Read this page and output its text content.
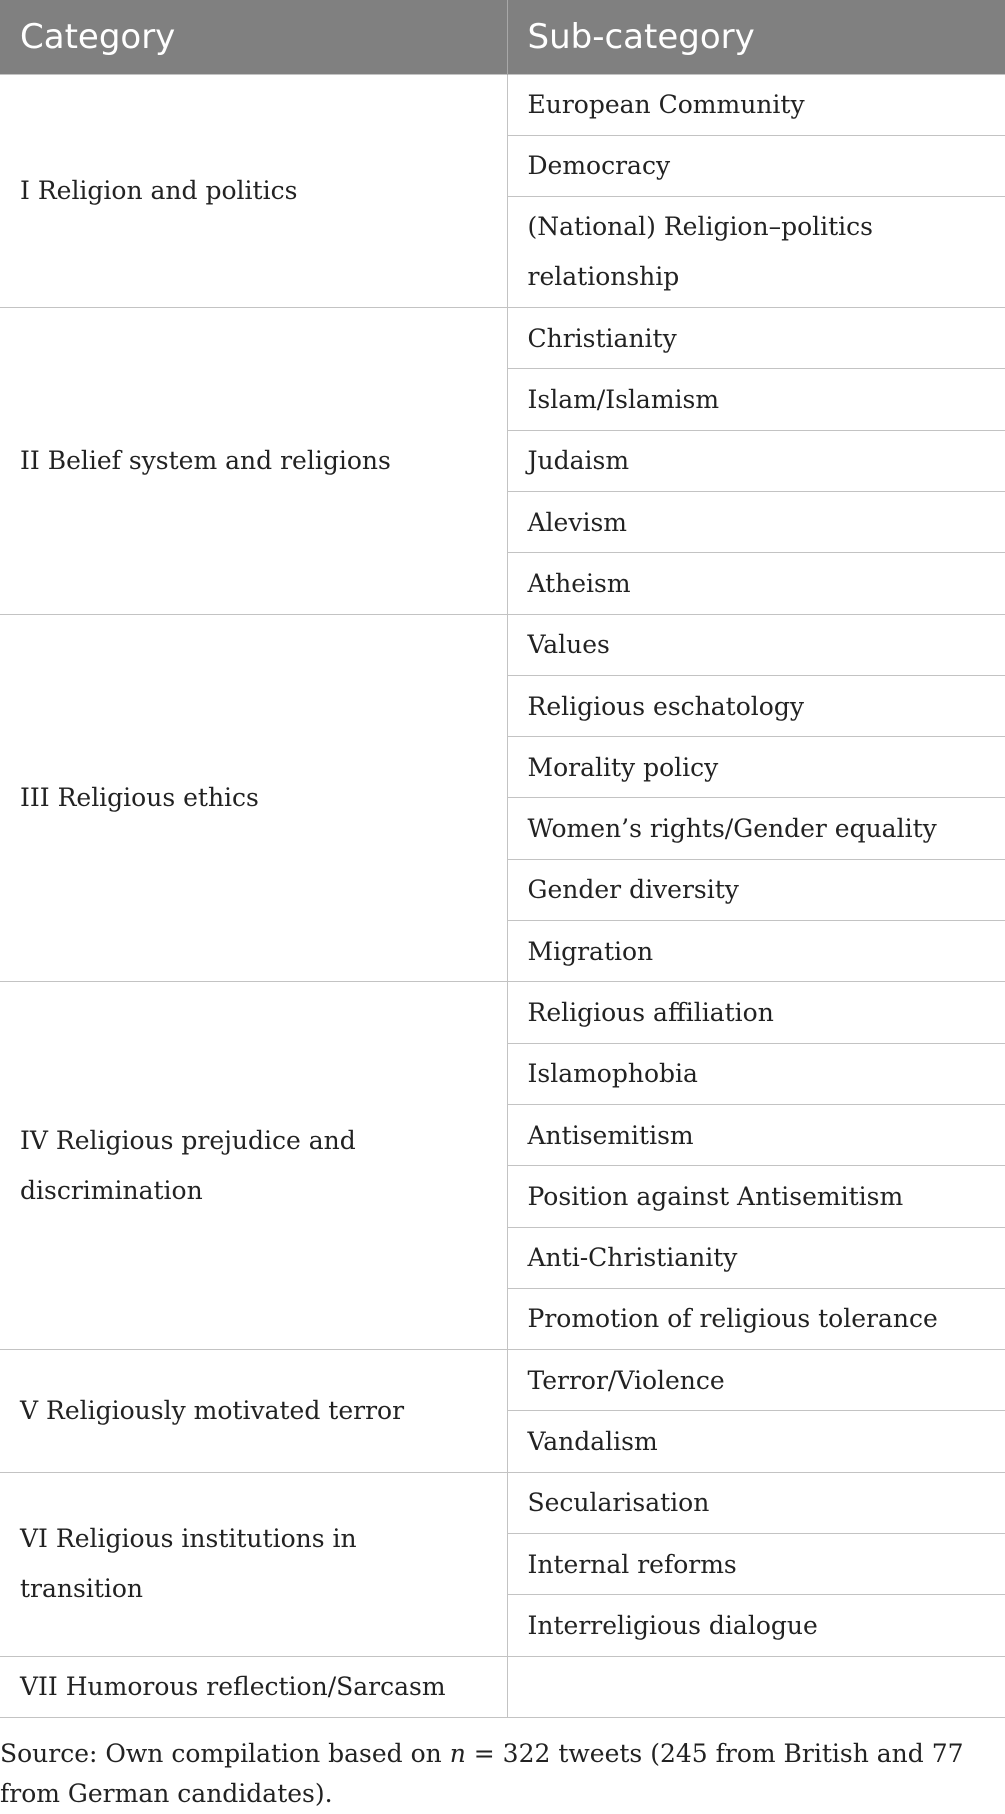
Category	Sub-category
I Religion and politics	European Community
	Democracy
	(National) Religion–politics relationship
II Belief system and religions	Christianity
	Islam/Islamism
	Judaism
	Alevism
	Atheism
III Religious ethics	Values
	Religious eschatology
	Morality policy
	Women’s rights/Gender equality
	Gender diversity
	Migration
IV Religious prejudice and discrimination	Religious affiliation
	Islamophobia
	Antisemitism
	Position against Antisemitism
	Anti-Christianity
	Promotion of religious tolerance
V Religiously motivated terror	Terror/Violence
	Vandalism
VI Religious institutions in transition	Secularisation
	Internal reforms
	Interreligious dialogue
VII Humorous reflection/Sarcasm	
Source: Own compilation based on n = 322 tweets (245 from British and 77 from German candidates).
